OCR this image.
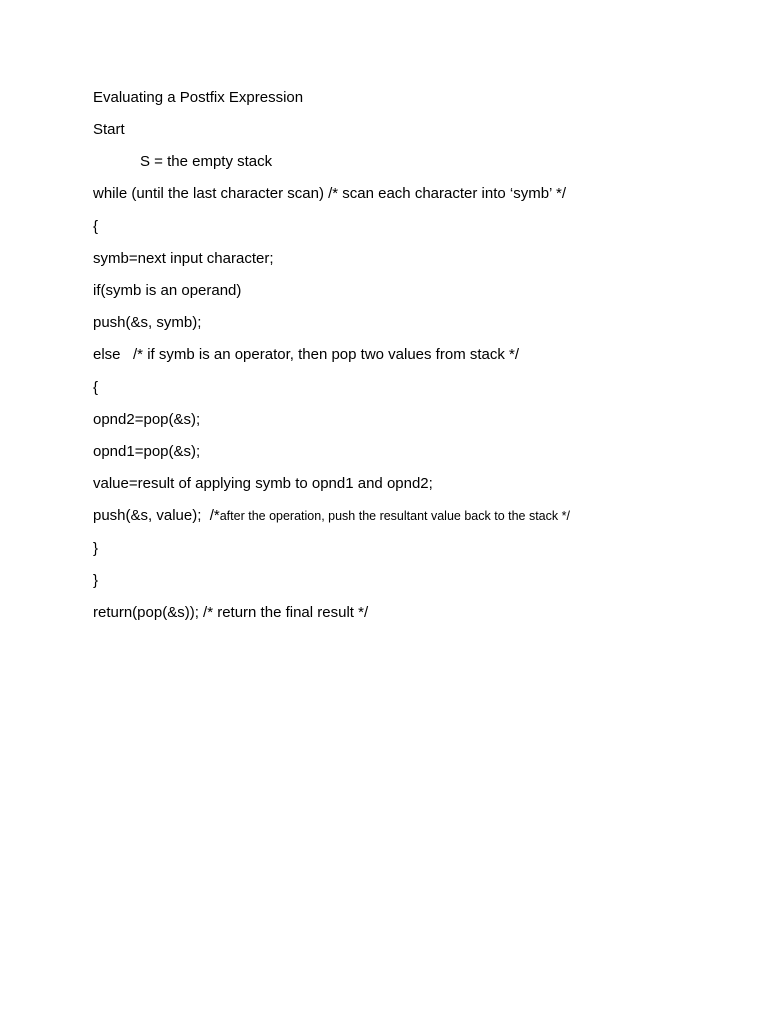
Evaluating a Postfix Expression
Start
S = the empty stack
while (until the last character scan) /* scan each character into ‘symb’ */
{
symb=next input character;
if(symb is an operand)
push(&s, symb);
else   /* if symb is an operator, then pop two values from stack */
{
opnd2=pop(&s);
opnd1=pop(&s);
value=result of applying symb to opnd1 and opnd2;
push(&s, value);  /*after the operation, push the resultant value back to the stack */
}
}
return(pop(&s)); /* return the final result */
